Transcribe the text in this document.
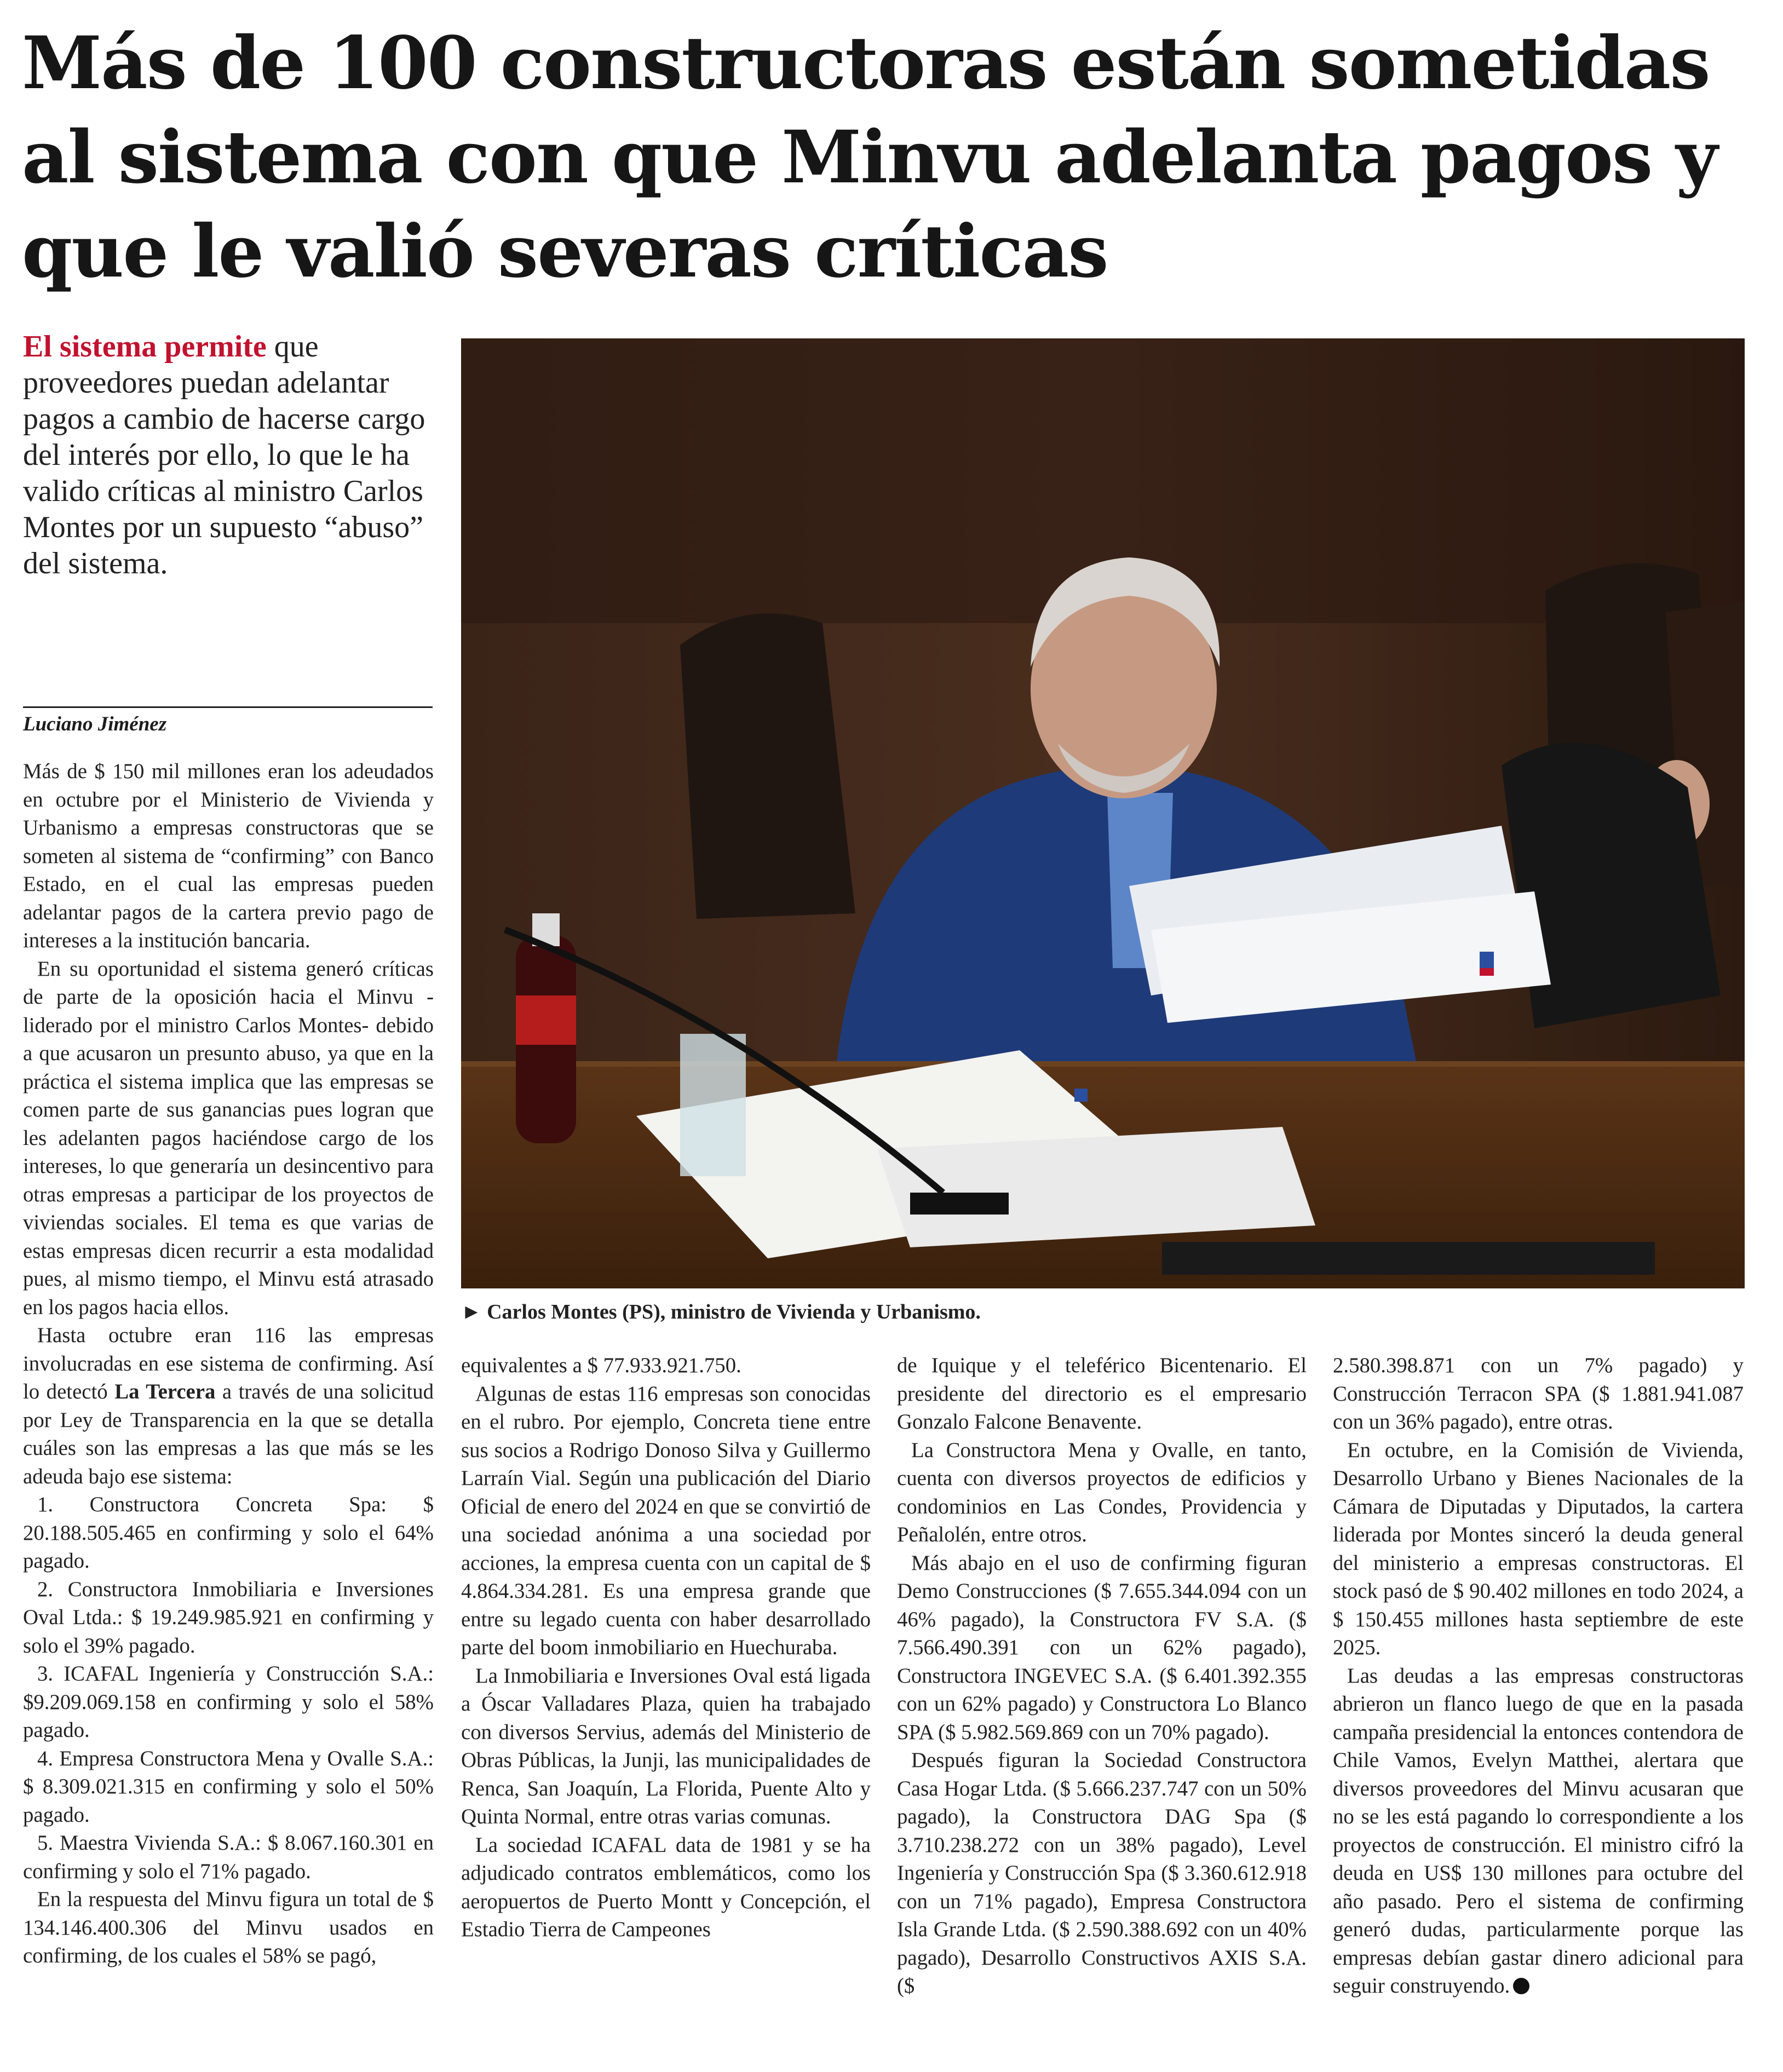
Más de 100 constructoras están sometidas al sistema con que Minvu adelanta pagos y que le valió severas críticas
El sistema permite que proveedores puedan adelantar pagos a cambio de hacerse cargo del interés por ello, lo que le ha valido críticas al ministro Carlos Montes por un supuesto “abuso” del sistema.
Luciano Jiménez
► Carlos Montes (PS), ministro de Vivienda y Urbanismo.

Más de $ 150 mil millones eran los adeudados en octubre por el Ministerio de Vivienda y Urbanismo a empresas constructoras que se someten al sistema de “confirming” con Banco Estado, en el cual las empresas pueden adelantar pagos de la cartera previo pago de intereses a la institución bancaria.

En su oportunidad el sistema generó críticas de parte de la oposición hacia el Minvu -liderado por el ministro Carlos Montes- debido a que acusaron un presunto abuso, ya que en la práctica el sistema implica que las empresas se comen parte de sus ganancias pues logran que les adelanten pagos haciéndose cargo de los intereses, lo que generaría un desincentivo para otras empresas a participar de los proyectos de viviendas sociales. El tema es que varias de estas empresas dicen recurrir a esta modalidad pues, al mismo tiempo, el Minvu está atrasado en los pagos hacia ellos.

Hasta octubre eran 116 las empresas involucradas en ese sistema de confirming. Así lo detectó La Tercera a través de una solicitud por Ley de Transparencia en la que se detalla cuáles son las empresas a las que más se les adeuda bajo ese sistema:

1. Constructora Concreta Spa: $ 20.188.505.465 en confirming y solo el 64% pagado.

2. Constructora Inmobiliaria e Inversiones Oval Ltda.: $ 19.249.985.921 en confirming y solo el 39% pagado.

3. ICAFAL Ingeniería y Construcción S.A.: $9.209.069.158 en confirming y solo el 58% pagado.

4. Empresa Constructora Mena y Ovalle S.A.: $ 8.309.021.315 en confirming y solo el 50% pagado.

5. Maestra Vivienda S.A.: $ 8.067.160.301 en confirming y solo el 71% pagado.

En la respuesta del Minvu figura un total de $ 134.146.400.306 del Minvu usados en confirming, de los cuales el 58% se pagó,

equivalentes a $ 77.933.921.750.

Algunas de estas 116 empresas son conocidas en el rubro. Por ejemplo, Concreta tiene entre sus socios a Rodrigo Donoso Silva y Guillermo Larraín Vial. Según una publicación del Diario Oficial de enero del 2024 en que se convirtió de una sociedad anónima a una sociedad por acciones, la empresa cuenta con un capital de $ 4.864.334.281. Es una empresa grande que entre su legado cuenta con haber desarrollado parte del boom inmobiliario en Huechuraba.

La Inmobiliaria e Inversiones Oval está ligada a Óscar Valladares Plaza, quien ha trabajado con diversos Servius, además del Ministerio de Obras Públicas, la Junji, las municipalidades de Renca, San Joaquín, La Florida, Puente Alto y Quinta Normal, entre otras varias comunas.

La sociedad ICAFAL data de 1981 y se ha adjudicado contratos emblemáticos, como los aeropuertos de Puerto Montt y Concepción, el Estadio Tierra de Campeones

de Iquique y el teleférico Bicentenario. El presidente del directorio es el empresario Gonzalo Falcone Benavente.

La Constructora Mena y Ovalle, en tanto, cuenta con diversos proyectos de edificios y condominios en Las Condes, Providencia y Peñalolén, entre otros.

Más abajo en el uso de confirming figuran Demo Construcciones ($ 7.655.344.094 con un 46% pagado), la Constructora FV S.A. ($ 7.566.490.391 con un 62% pagado), Constructora INGEVEC S.A. ($ 6.401.392.355 con un 62% pagado) y Constructora Lo Blanco SPA ($ 5.982.569.869 con un 70% pagado).

Después figuran la Sociedad Constructora Casa Hogar Ltda. ($ 5.666.237.747 con un 50% pagado), la Constructora DAG Spa ($ 3.710.238.272 con un 38% pagado), Level Ingeniería y Construcción Spa ($ 3.360.612.918 con un 71% pagado), Empresa Constructora Isla Grande Ltda. ($ 2.590.388.692 con un 40% pagado), Desarrollo Constructivos AXIS S.A. ($

2.580.398.871 con un 7% pagado) y Construcción Terracon SPA ($ 1.881.941.087 con un 36% pagado), entre otras.

En octubre, en la Comisión de Vivienda, Desarrollo Urbano y Bienes Nacionales de la Cámara de Diputadas y Diputados, la cartera liderada por Montes sinceró la deuda general del ministerio a empresas constructoras. El stock pasó de $ 90.402 millones en todo 2024, a $ 150.455 millones hasta septiembre de este 2025.

Las deudas a las empresas constructoras abrieron un flanco luego de que en la pasada campaña presidencial la entonces contendora de Chile Vamos, Evelyn Matthei, alertara que diversos proveedores del Minvu acusaran que no se les está pagando lo correspondiente a los proyectos de construcción. El ministro cifró la deuda en US$ 130 millones para octubre del año pasado. Pero el sistema de confirming generó dudas, particularmente porque las empresas debían gastar dinero adicional para seguir construyendo.
